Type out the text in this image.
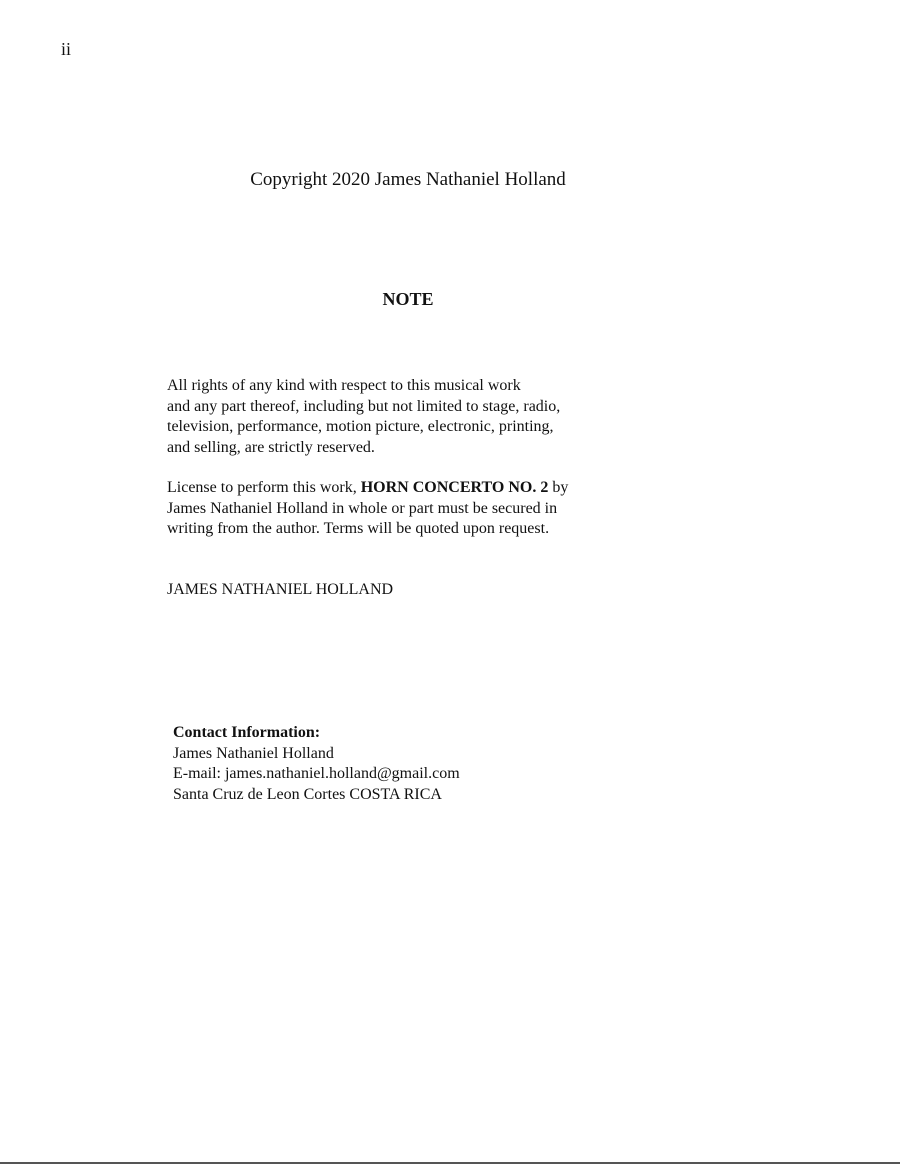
ii
Copyright 2020 James Nathaniel Holland
NOTE
All rights of any kind with respect to this musical work
and any part thereof, including but not limited to stage, radio,
television, performance, motion picture, electronic, printing,
and selling, are strictly reserved.
License to perform this work, HORN CONCERTO NO. 2 by
James Nathaniel Holland in whole or part must be secured in
writing from the author. Terms will be quoted upon request.
JAMES NATHANIEL HOLLAND
Contact Information:
James Nathaniel Holland
E-mail: james.nathaniel.holland@gmail.com
Santa Cruz de Leon Cortes COSTA RICA
